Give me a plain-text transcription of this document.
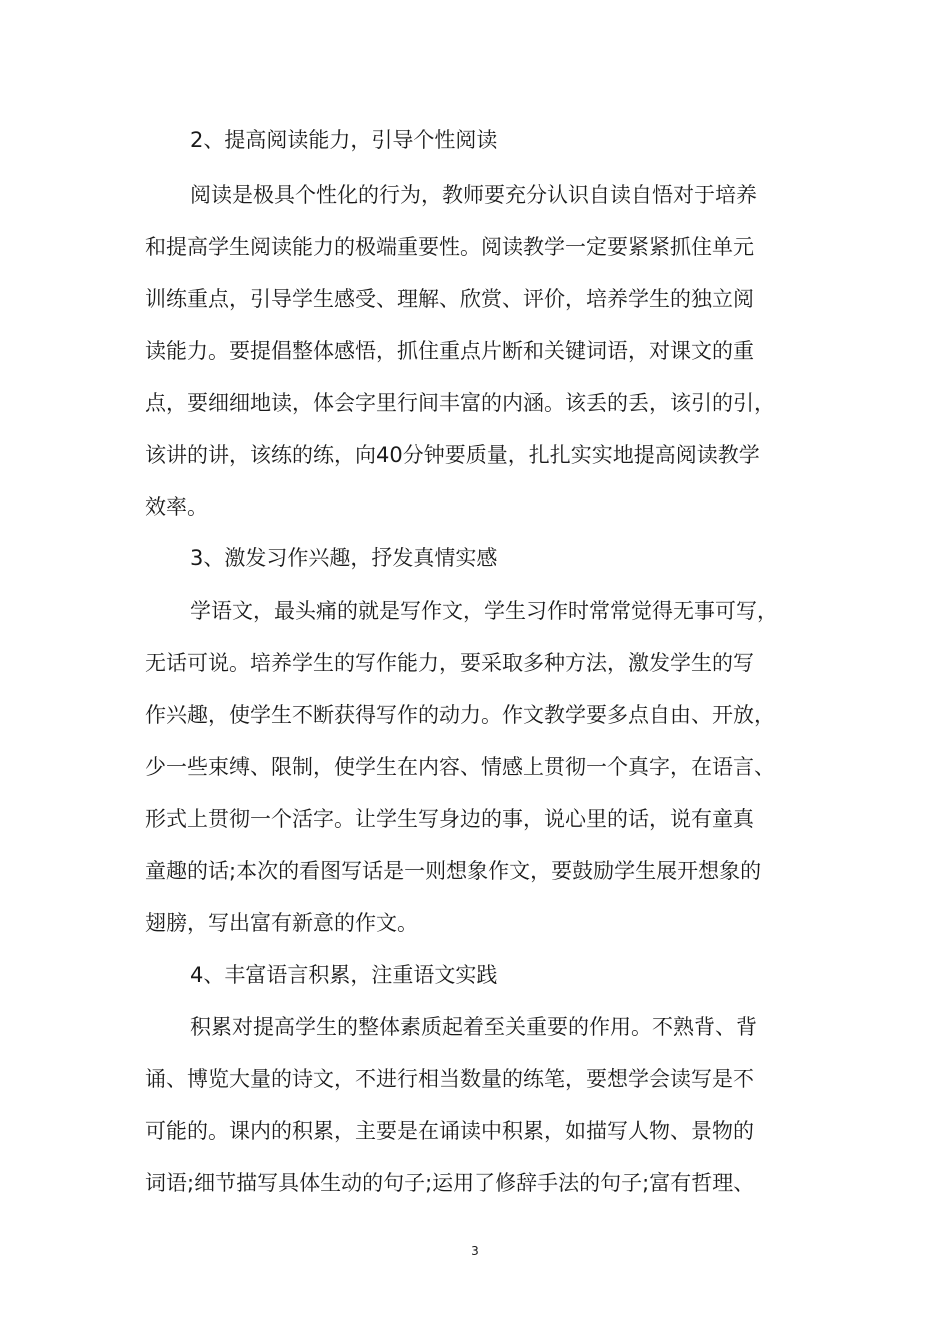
2、提高阅读能力，引导个性阅读
阅读是极具个性化的行为，教师要充分认识自读自悟对于培养
和提高学生阅读能力的极端重要性。阅读教学一定要紧紧抓住单元
训练重点，引导学生感受、理解、欣赏、评价，培养学生的独立阅
读能力。要提倡整体感悟，抓住重点片断和关键词语，对课文的重
点，要细细地读，体会字里行间丰富的内涵。该丢的丢，该引的引，
该讲的讲，该练的练，向40分钟要质量，扎扎实实地提高阅读教学
效率。
3、激发习作兴趣，抒发真情实感
学语文，最头痛的就是写作文，学生习作时常常觉得无事可写，
无话可说。培养学生的写作能力，要采取多种方法，激发学生的写
作兴趣，使学生不断获得写作的动力。作文教学要多点自由、开放，
少一些束缚、限制，使学生在内容、情感上贯彻一个真字，在语言、
形式上贯彻一个活字。让学生写身边的事，说心里的话，说有童真
童趣的话;本次的看图写话是一则想象作文，要鼓励学生展开想象的
翅膀，写出富有新意的作文。
4、丰富语言积累，注重语文实践
积累对提高学生的整体素质起着至关重要的作用。不熟背、背
诵、博览大量的诗文，不进行相当数量的练笔，要想学会读写是不
可能的。课内的积累，主要是在诵读中积累，如描写人物、景物的
词语;细节描写具体生动的句子;运用了修辞手法的句子;富有哲理、
3
